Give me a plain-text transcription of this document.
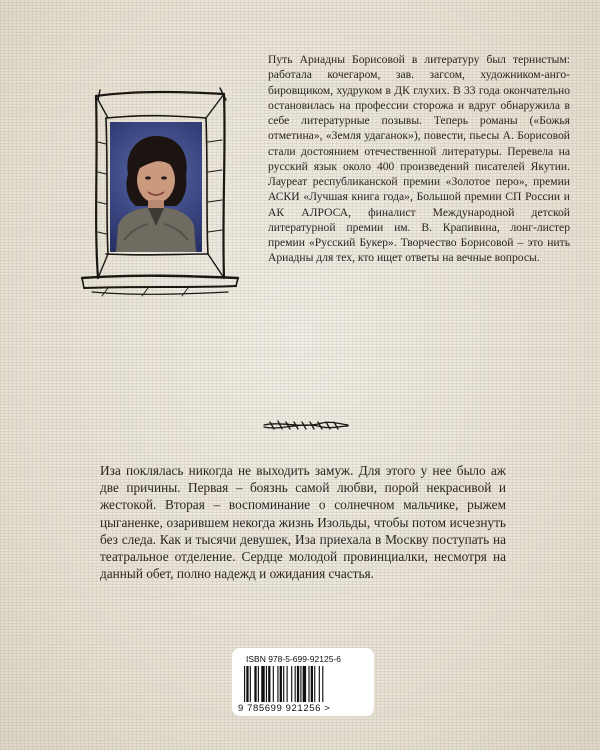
Путь Ариадны Борисовой в литературу был тернистым: работала кочегаром, зав. загсом, художником-ангобировщиком, худруком в ДК глухих. В 33 года окончательно остановилась на профессии сторожа и вдруг обнаружила в себе литературные позывы. Теперь романы («Божья отметина», «Земля удаганок»), повести, пьесы А. Борисовой стали достоянием отечественной литературы. Перевела на русский язык около 400 произведений писателей Якутии. Лауреат республиканской премии «Золотое перо», премии АСКИ «Лучшая книга года», Большой премии СП России и АК АЛРОСА, финалист Международной детской литературной премии им. В. Крапивина, лонг-листер премии «Русский Букер». Творчество Борисовой – это нить Ариадны для тех, кто ищет ответы на вечные вопросы.
Иза поклялась никогда не выходить замуж. Для этого у нее было аж две причины. Первая – боязнь самой любви, порой некрасивой и жестокой. Вторая – воспоминание о солнечном мальчике, рыжем цыганенке, озарившем некогда жизнь Изольды, чтобы потом исчезнуть без следа. Как и тысячи девушек, Иза приехала в Москву поступать на театральное отделение. Сердце молодой провинциалки, несмотря на данный обет, полно надежд и ожидания счастья.
ISBN 978-5-699-92125-6
9 785699 921256 >
